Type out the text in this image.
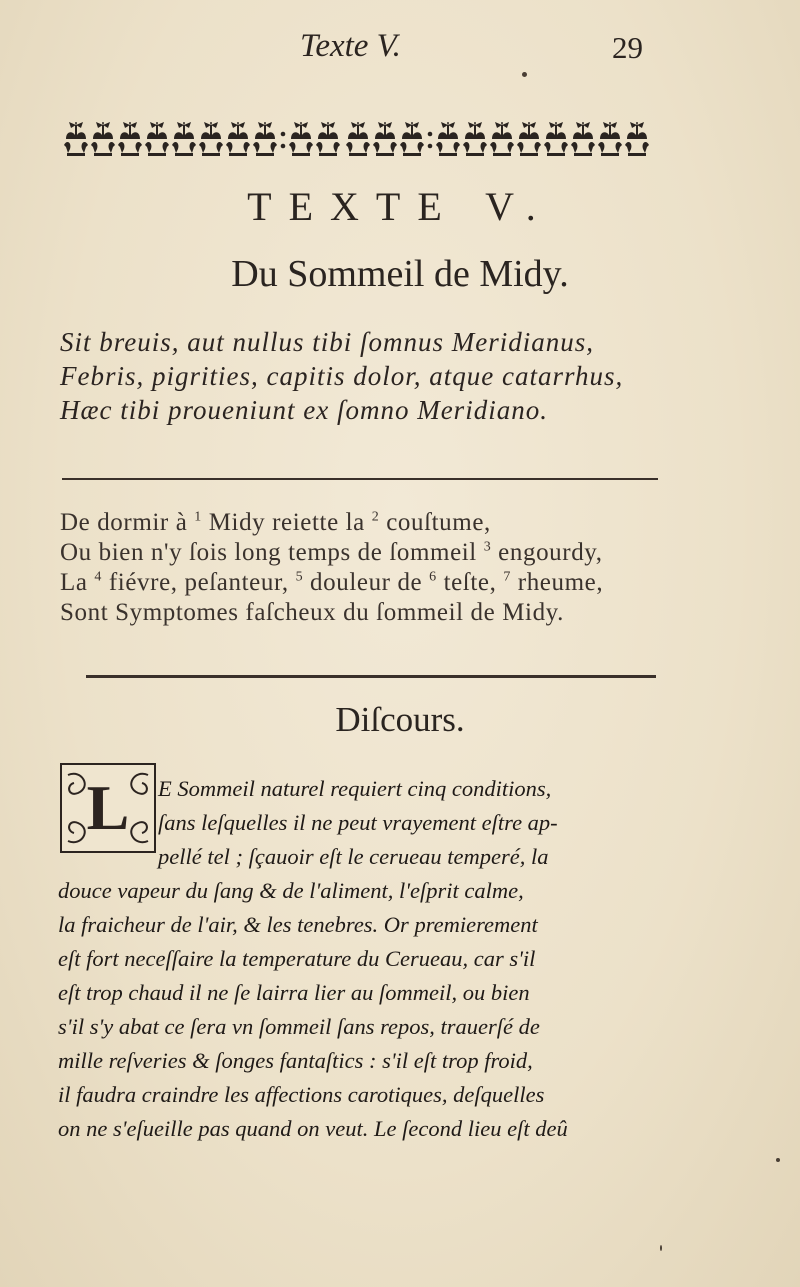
Texte V.	29
TEXTE V.
Du Sommeil de Midy.
Sit breuis, aut nullus tibi ſomnus Meridianus,
Febris, pigrities, capitis dolor, atque catarrhus,
Hæc tibi proueniunt ex ſomno Meridiano.
De dormir à $^1$ Midy reiette la $^2$ couſtume,
Ou bien n'y ſois long temps de ſommeil $^3$ engourdy,
La $^4$ fiévre, peſanteur, $^5$ douleur de $^6$ teſte, $^7$ rheume,
Sont Symptomes faſcheux du ſommeil de Midy.
Diſcours.
L	E Sommeil naturel requiert cinq conditions,
ſans leſquelles il ne peut vrayement eſtre ap-
pellé tel ; ſçauoir eſt le cerueau temperé, la
douce vapeur du ſang & de l'aliment, l'eſprit calme,
la fraicheur de l'air, & les tenebres. Or premierement
eſt fort neceſſaire la temperature du Cerueau, car s'il
eſt trop chaud il ne ſe lairra lier au ſommeil, ou bien
s'il s'y abat ce ſera vn ſommeil ſans repos, trauerſé de
mille reſveries & ſonges fantaſtics : s'il eſt trop froid,
il faudra craindre les affections carotiques, deſquelles
on ne s'eſueille pas quand on veut. Le ſecond lieu eſt deû
